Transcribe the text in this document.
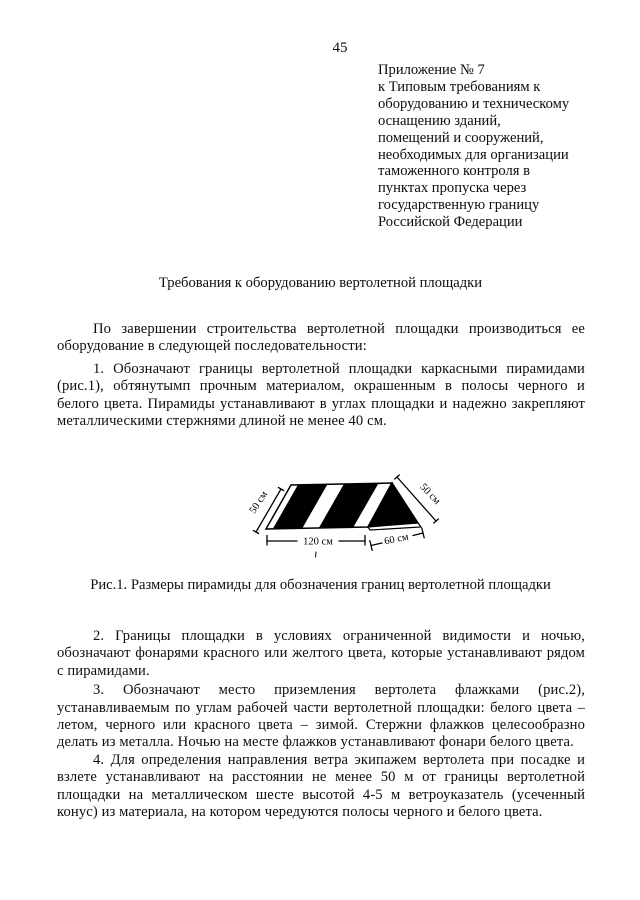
45
Приложение № 7
к Типовым требованиям к
оборудованию и техническому
оснащению зданий,
помещений и сооружений,
необходимых для организации
таможенного контроля в
пунктах пропуска через
государственную границу
Российской Федерации
Требования к оборудованию вертолетной площадки

По завершении строительства вертолетной площадки производиться ее оборудование в следующей последовательности:

1. Обозначают границы вертолетной площадки каркасными пирамидами (рис.1), обтянутымп прочным материалом, окрашенным в полосы черного и белого цвета. Пирамиды устанавливают в углах площадки и надежно закрепляют металлическими стержнями длиной не менее 40 см.

50 см
120 см	60 см
50 см
Рис.1. Размеры пирамиды для обозначения границ вертолетной площадки

2. Границы площадки в условиях ограниченной видимости и ночью, обозначают фонарями красного или желтого цвета, которые устанавливают рядом с пирамидами.

3. Обозначают место приземления вертолета флажками (рис.2), устанавливаемым по углам рабочей части вертолетной площадки: белого цвета – летом, черного или красного цвета – зимой. Стержни флажков целесообразно делать из металла. Ночью на месте флажков устанавливают фонари белого цвета.

4. Для определения направления ветра экипажем вертолета при посадке и взлете устанавливают на расстоянии не менее 50 м от границы вертолетной площадки на металлическом шесте высотой 4-5 м ветроуказатель (усеченный конус) из материала, на котором чередуются полосы черного и белого цвета.
